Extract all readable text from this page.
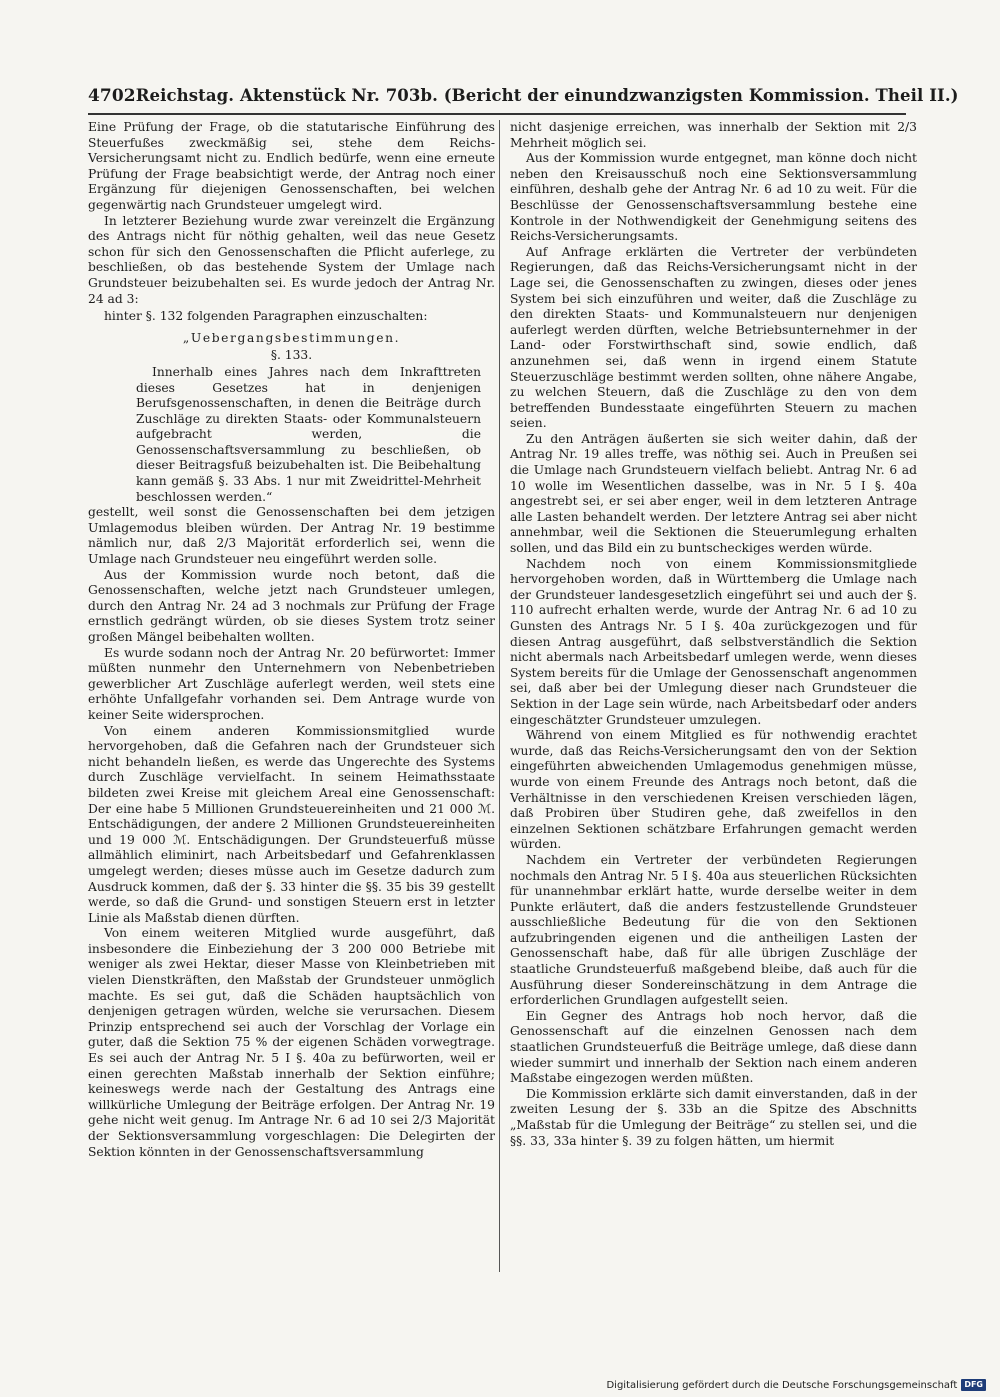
4702 Reichstag. Aktenstück Nr. 703b. (Bericht der einundzwanzigsten Kommission. Theil II.)

Eine Prüfung der Frage, ob die statutarische Einführung des Steuerfußes zweckmäßig sei, stehe dem Reichs-Versicherungsamt nicht zu. Endlich bedürfe, wenn eine erneute Prüfung der Frage beabsichtigt werde, der Antrag noch einer Ergänzung für diejenigen Genossenschaften, bei welchen gegenwärtig nach Grundsteuer umgelegt wird.

In letzterer Beziehung wurde zwar vereinzelt die Ergänzung des Antrags nicht für nöthig gehalten, weil das neue Gesetz schon für sich den Genossenschaften die Pflicht auferlege, zu beschließen, ob das bestehende System der Umlage nach Grundsteuer beizubehalten sei. Es wurde jedoch der Antrag Nr. 24 ad 3:

hinter §. 132 folgenden Paragraphen einzuschalten:

„Uebergangsbestimmungen.
§. 133.

Innerhalb eines Jahres nach dem Inkrafttreten dieses Gesetzes hat in denjenigen Berufsgenossenschaften, in denen die Beiträge durch Zuschläge zu direkten Staats- oder Kommunalsteuern aufgebracht werden, die Genossenschaftsversammlung zu beschließen, ob dieser Beitragsfuß beizubehalten ist. Die Beibehaltung kann gemäß §. 33 Abs. 1 nur mit Zweidrittel-Mehrheit beschlossen werden.“

gestellt, weil sonst die Genossenschaften bei dem jetzigen Umlagemodus bleiben würden. Der Antrag Nr. 19 bestimme nämlich nur, daß 2/3 Majorität erforderlich sei, wenn die Umlage nach Grundsteuer neu eingeführt werden solle.

Aus der Kommission wurde noch betont, daß die Genossenschaften, welche jetzt nach Grundsteuer umlegen, durch den Antrag Nr. 24 ad 3 nochmals zur Prüfung der Frage ernstlich gedrängt würden, ob sie dieses System trotz seiner großen Mängel beibehalten wollten.

Es wurde sodann noch der Antrag Nr. 20 befürwortet: Immer müßten nunmehr den Unternehmern von Nebenbetrieben gewerblicher Art Zuschläge auferlegt werden, weil stets eine erhöhte Unfallgefahr vorhanden sei. Dem Antrage wurde von keiner Seite widersprochen.

Von einem anderen Kommissionsmitglied wurde hervorgehoben, daß die Gefahren nach der Grundsteuer sich nicht behandeln ließen, es werde das Ungerechte des Systems durch Zuschläge vervielfacht. In seinem Heimathsstaate bildeten zwei Kreise mit gleichem Areal eine Genossenschaft: Der eine habe 5 Millionen Grundsteuereinheiten und 21 000 ℳ. Entschädigungen, der andere 2 Millionen Grundsteuereinheiten und 19 000 ℳ. Entschädigungen. Der Grundsteuerfuß müsse allmählich eliminirt, nach Arbeitsbedarf und Gefahrenklassen umgelegt werden; dieses müsse auch im Gesetze dadurch zum Ausdruck kommen, daß der §. 33 hinter die §§. 35 bis 39 gestellt werde, so daß die Grund- und sonstigen Steuern erst in letzter Linie als Maßstab dienen dürften.

Von einem weiteren Mitglied wurde ausgeführt, daß insbesondere die Einbeziehung der 3 200 000 Betriebe mit weniger als zwei Hektar, dieser Masse von Kleinbetrieben mit vielen Dienstkräften, den Maßstab der Grundsteuer unmöglich machte. Es sei gut, daß die Schäden hauptsächlich von denjenigen getragen würden, welche sie verursachen. Diesem Prinzip entsprechend sei auch der Vorschlag der Vorlage ein guter, daß die Sektion 75 % der eigenen Schäden vorwegtrage. Es sei auch der Antrag Nr. 5 I §. 40a zu befürworten, weil er einen gerechten Maßstab innerhalb der Sektion einführe; keineswegs werde nach der Gestaltung des Antrags eine willkürliche Umlegung der Beiträge erfolgen. Der Antrag Nr. 19 gehe nicht weit genug. Im Antrage Nr. 6 ad 10 sei 2/3 Majorität der Sektionsversammlung vorgeschlagen: Die Delegirten der Sektion könnten in der Genossenschaftsversammlung

nicht dasjenige erreichen, was innerhalb der Sektion mit 2/3 Mehrheit möglich sei.

Aus der Kommission wurde entgegnet, man könne doch nicht neben den Kreisausschuß noch eine Sektionsversammlung einführen, deshalb gehe der Antrag Nr. 6 ad 10 zu weit. Für die Beschlüsse der Genossenschaftsversammlung bestehe eine Kontrole in der Nothwendigkeit der Genehmigung seitens des Reichs-Versicherungsamts.

Auf Anfrage erklärten die Vertreter der verbündeten Regierungen, daß das Reichs-Versicherungsamt nicht in der Lage sei, die Genossenschaften zu zwingen, dieses oder jenes System bei sich einzuführen und weiter, daß die Zuschläge zu den direkten Staats- und Kommunalsteuern nur denjenigen auferlegt werden dürften, welche Betriebsunternehmer in der Land- oder Forstwirthschaft sind, sowie endlich, daß anzunehmen sei, daß wenn in irgend einem Statute Steuerzuschläge bestimmt werden sollten, ohne nähere Angabe, zu welchen Steuern, daß die Zuschläge zu den von dem betreffenden Bundesstaate eingeführten Steuern zu machen seien.

Zu den Anträgen äußerten sie sich weiter dahin, daß der Antrag Nr. 19 alles treffe, was nöthig sei. Auch in Preußen sei die Umlage nach Grundsteuern vielfach beliebt. Antrag Nr. 6 ad 10 wolle im Wesentlichen dasselbe, was in Nr. 5 I §. 40a angestrebt sei, er sei aber enger, weil in dem letzteren Antrage alle Lasten behandelt werden. Der letztere Antrag sei aber nicht annehmbar, weil die Sektionen die Steuerumlegung erhalten sollen, und das Bild ein zu buntscheckiges werden würde.

Nachdem noch von einem Kommissionsmitgliede hervorgehoben worden, daß in Württemberg die Umlage nach der Grundsteuer landesgesetzlich eingeführt sei und auch der §. 110 aufrecht erhalten werde, wurde der Antrag Nr. 6 ad 10 zu Gunsten des Antrags Nr. 5 I §. 40a zurückgezogen und für diesen Antrag ausgeführt, daß selbstverständlich die Sektion nicht abermals nach Arbeitsbedarf umlegen werde, wenn dieses System bereits für die Umlage der Genossenschaft angenommen sei, daß aber bei der Umlegung dieser nach Grundsteuer die Sektion in der Lage sein würde, nach Arbeitsbedarf oder anders eingeschätzter Grundsteuer umzulegen.

Während von einem Mitglied es für nothwendig erachtet wurde, daß das Reichs-Versicherungsamt den von der Sektion eingeführten abweichenden Umlagemodus genehmigen müsse, wurde von einem Freunde des Antrags noch betont, daß die Verhältnisse in den verschiedenen Kreisen verschieden lägen, daß Probiren über Studiren gehe, daß zweifellos in den einzelnen Sektionen schätzbare Erfahrungen gemacht werden würden.

Nachdem ein Vertreter der verbündeten Regierungen nochmals den Antrag Nr. 5 I §. 40a aus steuerlichen Rücksichten für unannehmbar erklärt hatte, wurde derselbe weiter in dem Punkte erläutert, daß die anders festzustellende Grundsteuer ausschließliche Bedeutung für die von den Sektionen aufzubringenden eigenen und die antheiligen Lasten der Genossenschaft habe, daß für alle übrigen Zuschläge der staatliche Grundsteuerfuß maßgebend bleibe, daß auch für die Ausführung dieser Sondereinschätzung in dem Antrage die erforderlichen Grundlagen aufgestellt seien.

Ein Gegner des Antrags hob noch hervor, daß die Genossenschaft auf die einzelnen Genossen nach dem staatlichen Grundsteuerfuß die Beiträge umlege, daß diese dann wieder summirt und innerhalb der Sektion nach einem anderen Maßstabe eingezogen werden müßten.

Die Kommission erklärte sich damit einverstanden, daß in der zweiten Lesung der §. 33b an die Spitze des Abschnitts „Maßstab für die Umlegung der Beiträge“ zu stellen sei, und die §§. 33, 33a hinter §. 39 zu folgen hätten, um hiermit

Digitalisierung gefördert durch die Deutsche Forschungsgemeinschaft DFG
